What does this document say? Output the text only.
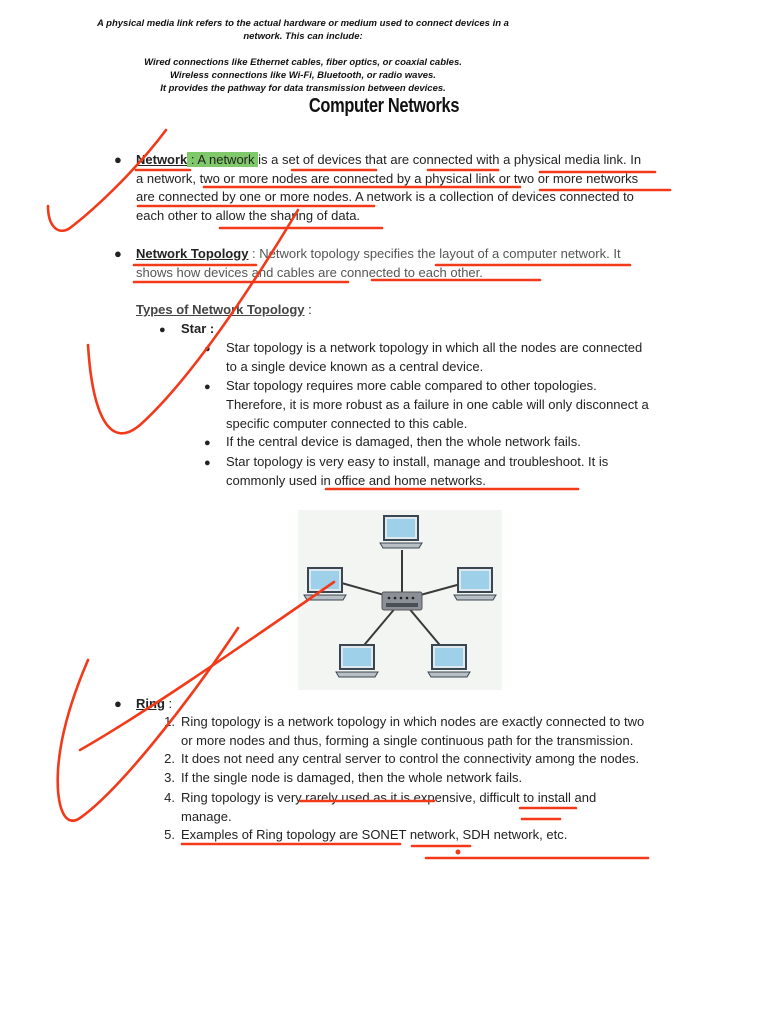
A physical media link refers to the actual hardware or medium used to connect devices in a
network. This can include:
Wired connections like Ethernet cables, fiber optics, or coaxial cables.
Wireless connections like Wi-Fi, Bluetooth, or radio waves.
It provides the pathway for data transmission between devices.
Computer Networks
● Network : A network is a set of devices that are connected with a physical media link. In
a network, two or more nodes are connected by a physical link or two or more networks
are connected by one or more nodes. A network is a collection of devices connected to
each other to allow the sharing of data.
● Network Topology : Network topology specifies the layout of a computer network. It
shows how devices and cables are connected to each other.
Types of Network Topology :
● Star :
● Star topology is a network topology in which all the nodes are connected
to a single device known as a central device.
● Star topology requires more cable compared to other topologies.
Therefore, it is more robust as a failure in one cable will only disconnect a
specific computer connected to this cable.
● If the central device is damaged, then the whole network fails.
● Star topology is very easy to install, manage and troubleshoot. It is
commonly used in office and home networks.
● Ring :
1. Ring topology is a network topology in which nodes are exactly connected to two
or more nodes and thus, forming a single continuous path for the transmission.
2. It does not need any central server to control the connectivity among the nodes.
3. If the single node is damaged, then the whole network fails.
4. Ring topology is very rarely used as it is expensive, difficult to install and
manage.
5. Examples of Ring topology are SONET network, SDH network, etc.
